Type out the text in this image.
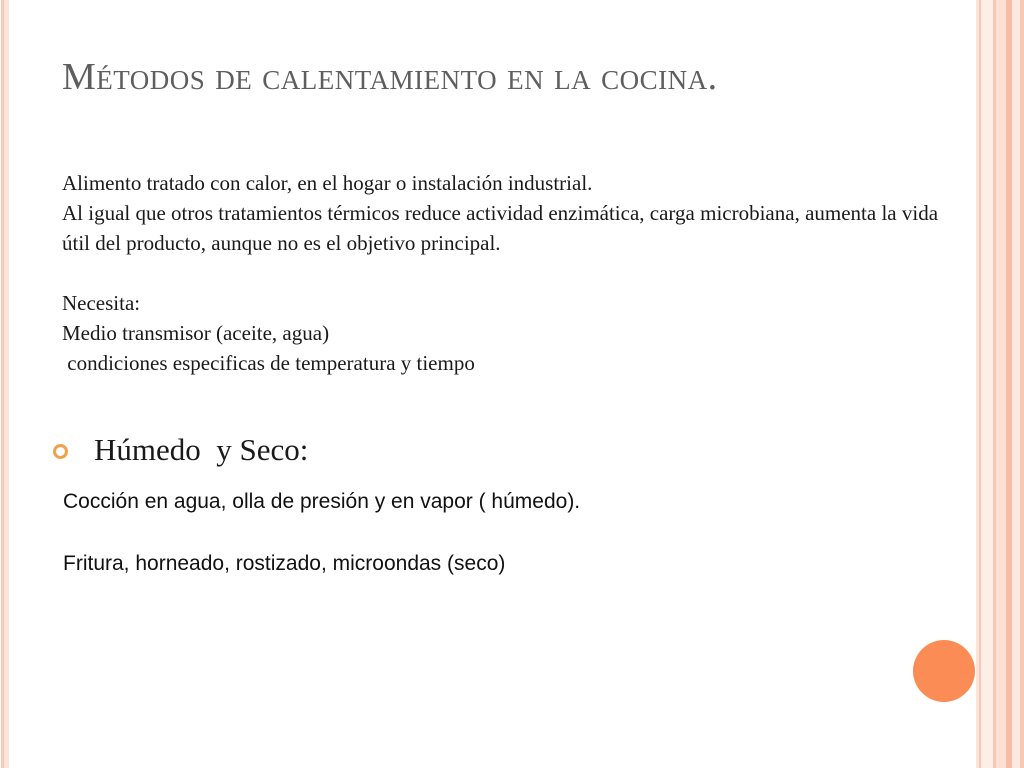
Métodos de calentamiento en la cocina.

Alimento tratado con calor, en el hogar o instalación industrial.

Al igual que otros tratamientos térmicos reduce actividad enzimática, carga microbiana, aumenta la vida útil del producto, aunque no es el objetivo principal.

Necesita:

Medio transmisor (aceite, agua)

condiciones especificas de temperatura y tiempo

Húmedo  y Seco:
Cocción en agua, olla de presión y en vapor ( húmedo).
Fritura, horneado, rostizado, microondas (seco)
